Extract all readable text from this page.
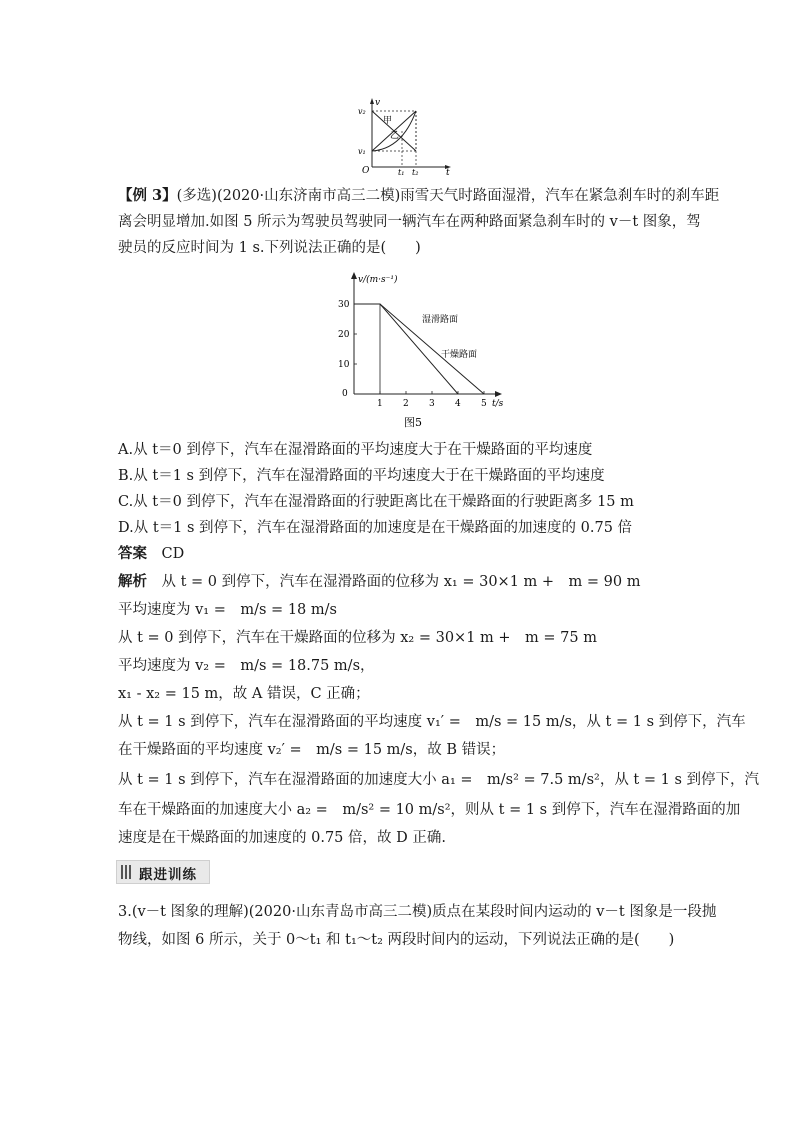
v
v₂
v₁
O	t₁ t₂	t
甲
乙
【例 3】(多选)(2020·山东济南市高三二模)雨雪天气时路面湿滑，汽车在紧急刹车时的刹车距
离会明显增加.如图 5 所示为驾驶员驾驶同一辆汽车在两种路面紧急刹车时的 v－t 图象，驾
驶员的反应时间为 1 s.下列说法正确的是(　　)
v/(m·s⁻¹)
t/s
0
10
20
30
1 2 3 4 5
湿滑路面
干燥路面
图5
A.从 t＝0 到停下，汽车在湿滑路面的平均速度大于在干燥路面的平均速度
B.从 t＝1 s 到停下，汽车在湿滑路面的平均速度大于在干燥路面的平均速度
C.从 t＝0 到停下，汽车在湿滑路面的行驶距离比在干燥路面的行驶距离多 15 m
D.从 t＝1 s 到停下，汽车在湿滑路面的加速度是在干燥路面的加速度的 0.75 倍
答案　 CD
解析　 从 t = 0 到停下，汽车在湿滑路面的位移为 x₁ = 30×1 m +　m = 90 m
平均速度为 v₁ =　m/s = 18 m/s
从 t = 0 到停下，汽车在干燥路面的位移为 x₂ = 30×1 m +　m = 75 m
平均速度为 v₂ =　m/s = 18.75 m/s，
x₁ - x₂ = 15 m，故 A 错误，C 正确；
从 t = 1 s 到停下，汽车在湿滑路面的平均速度 v₁′ =　m/s = 15 m/s，从 t = 1 s 到停下，汽车
在干燥路面的平均速度 v₂′ =　m/s = 15 m/s，故 B 错误；
从 t = 1 s 到停下，汽车在湿滑路面的加速度大小 a₁ =　m/s² = 7.5 m/s²，从 t = 1 s 到停下，汽
车在干燥路面的加速度大小 a₂ =　m/s² = 10 m/s²，则从 t = 1 s 到停下，汽车在湿滑路面的加
速度是在干燥路面的加速度的 0.75 倍，故 D 正确.
跟进训练
3.(v－t 图象的理解)(2020·山东青岛市高三二模)质点在某段时间内运动的 v－t 图象是一段抛
物线，如图 6 所示，关于 0～t₁ 和 t₁～t₂ 两段时间内的运动，下列说法正确的是(　　)
